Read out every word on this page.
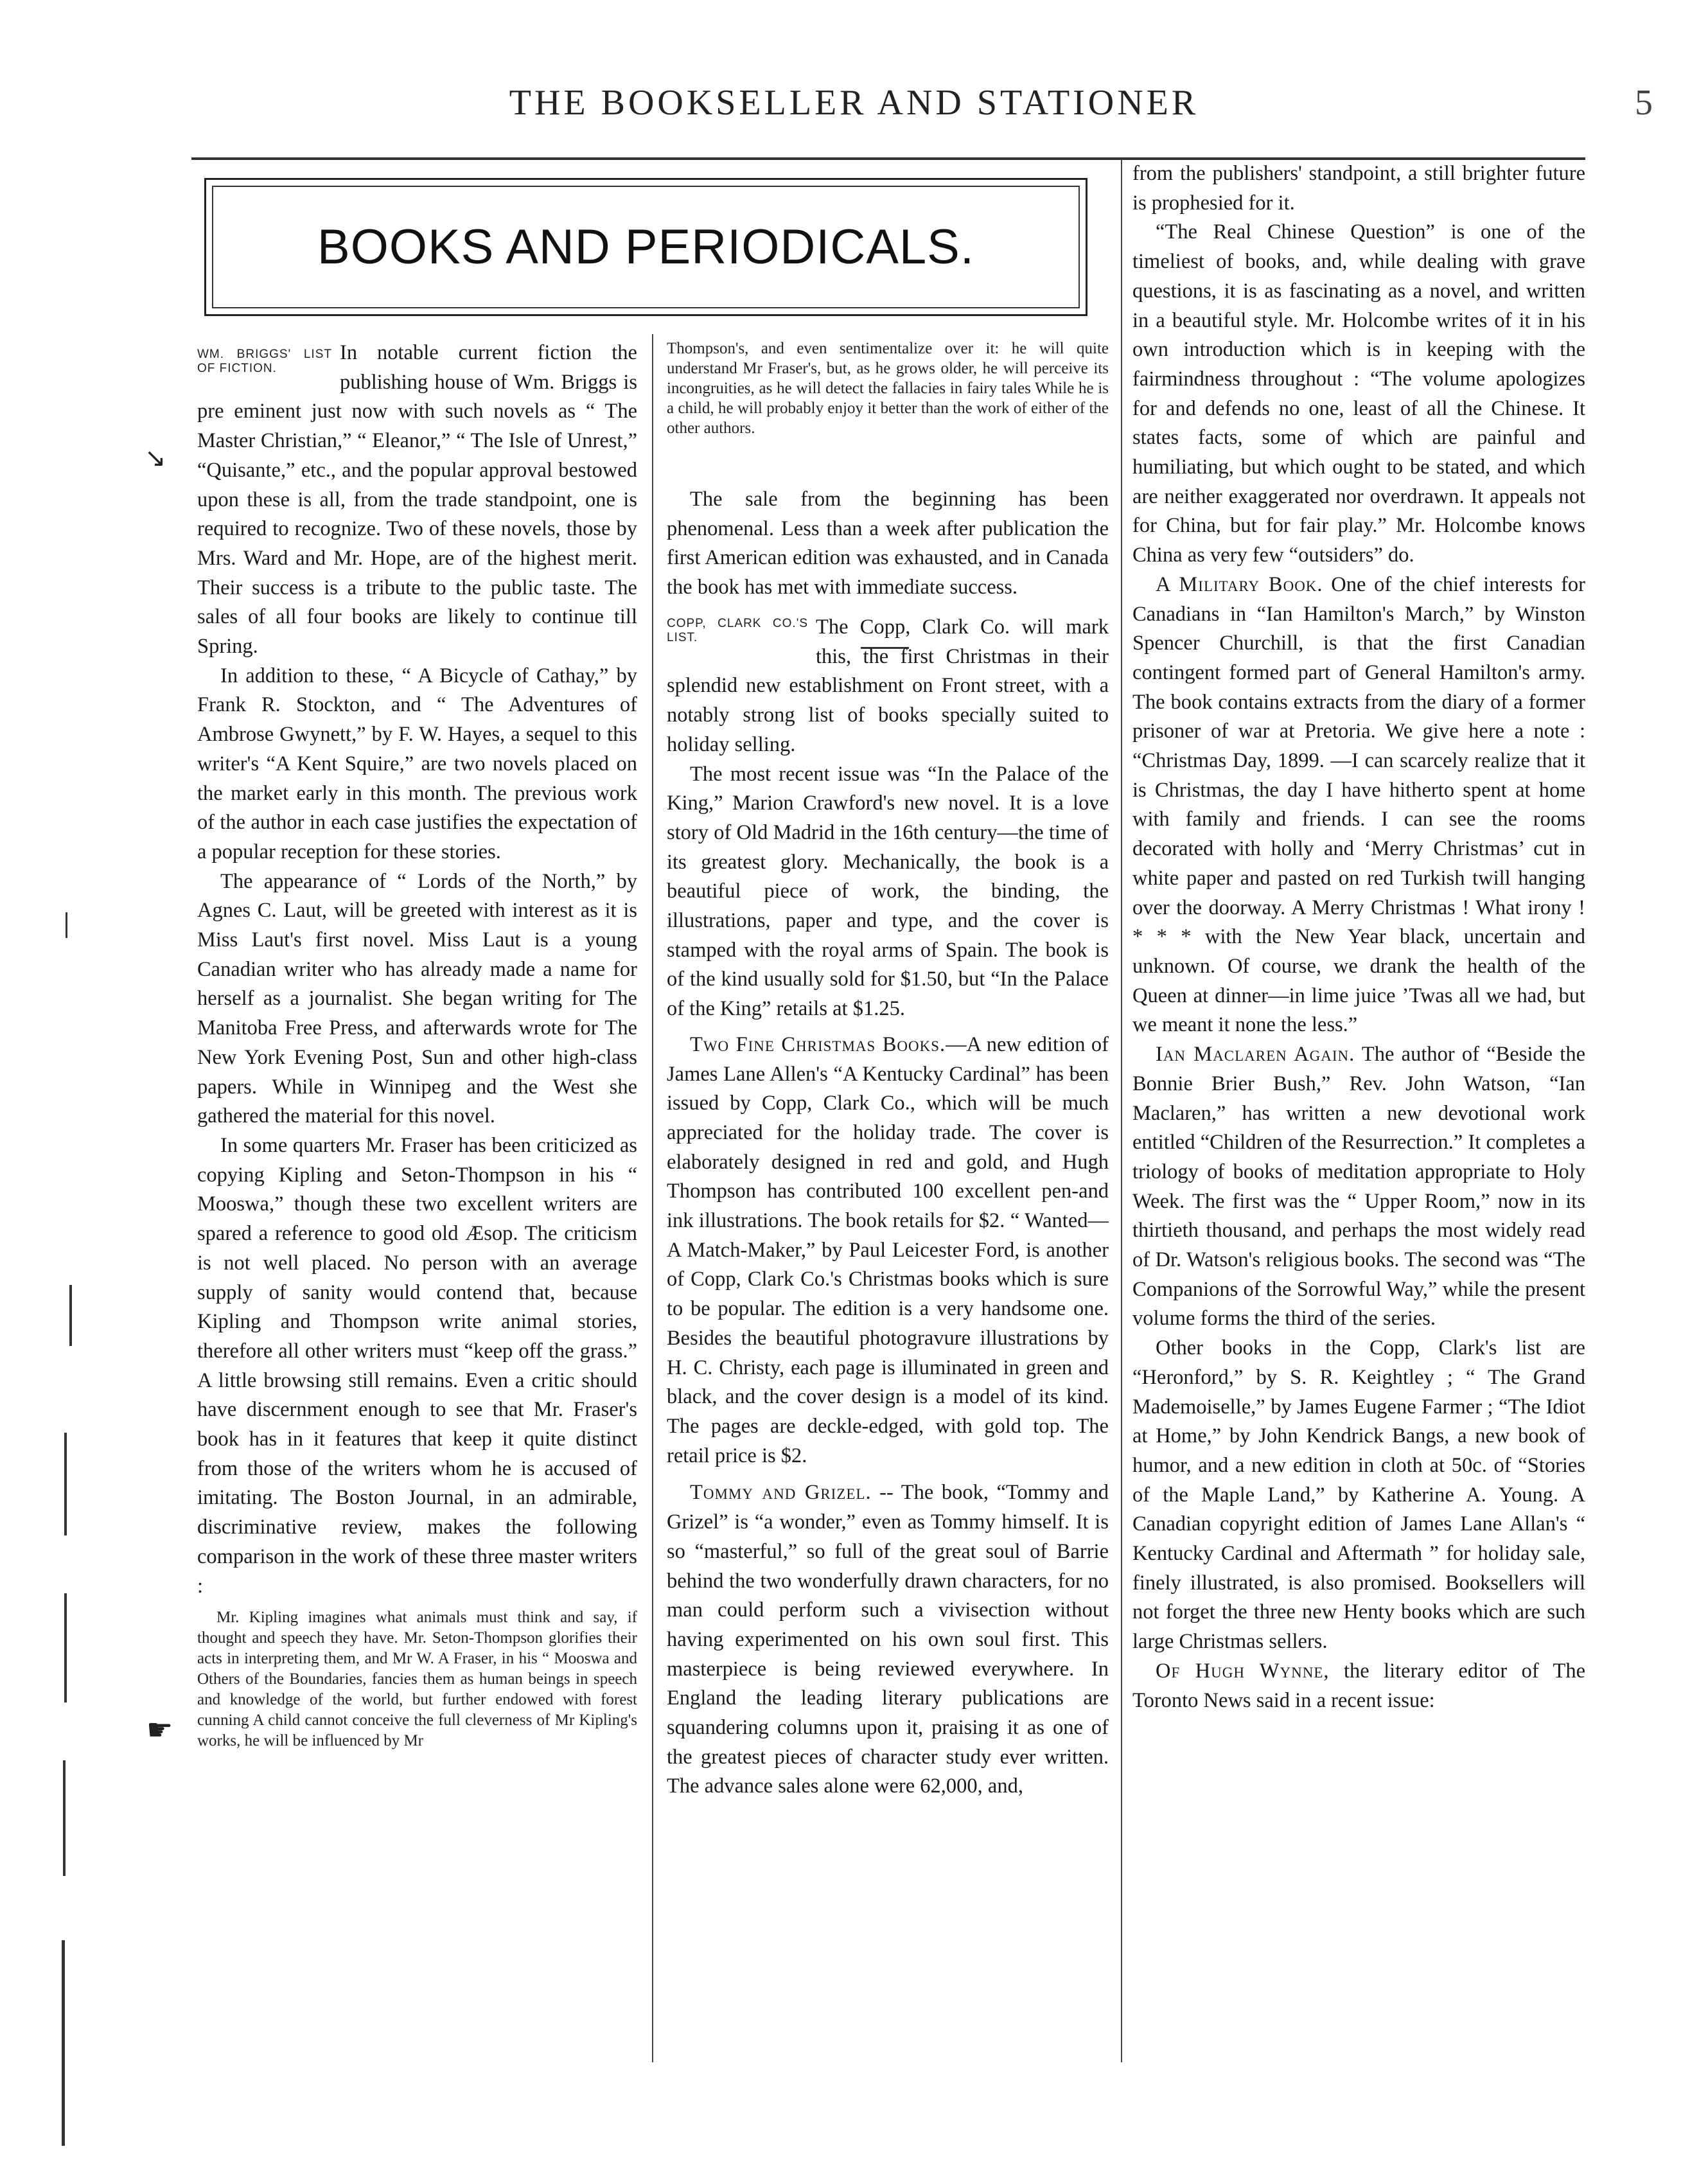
THE BOOKSELLER AND STATIONER	5
BOOKS AND PERIODICALS.
WM. BRIGGS' LIST OF FICTION.

In notable current fiction the publishing house of Wm. Briggs is pre eminent just now with such novels as “ The Master Christian,” “ Eleanor,” “ The Isle of Unrest,” “Quisante,” etc., and the popular approval bestowed upon these is all, from the trade standpoint, one is required to recognize. Two of these novels, those by Mrs. Ward and Mr. Hope, are of the highest merit. Their success is a tribute to the public taste. The sales of all four books are likely to continue till Spring.

In addition to these, “ A Bicycle of Cathay,” by Frank R. Stockton, and “ The Adventures of Ambrose Gwynett,” by F. W. Hayes, a sequel to this writer's “A Kent Squire,” are two novels placed on the market early in this month. The previous work of the author in each case justifies the expectation of a popular reception for these stories.

The appearance of “ Lords of the North,” by Agnes C. Laut, will be greeted with interest as it is Miss Laut's first novel. Miss Laut is a young Canadian writer who has already made a name for herself as a journalist. She began writing for The Manitoba Free Press, and afterwards wrote for The New York Evening Post, Sun and other high-class papers. While in Winnipeg and the West she gathered the material for this novel.

In some quarters Mr. Fraser has been criticized as copying Kipling and Seton-Thompson in his “ Mooswa,” though these two excellent writers are spared a reference to good old Æsop. The criticism is not well placed. No person with an average supply of sanity would contend that, because Kipling and Thompson write animal stories, therefore all other writers must “keep off the grass.” A little browsing still remains. Even a critic should have discernment enough to see that Mr. Fraser's book has in it features that keep it quite distinct from those of the writers whom he is accused of imitating. The Boston Journal, in an admirable, discriminative review, makes the following comparison in the work of these three master writers :

Mr. Kipling imagines what animals must think and say, if thought and speech they have. Mr. Seton-Thompson glorifies their acts in interpreting them, and Mr W. A Fraser, in his “ Mooswa and Others of the Boundaries, fancies them as human beings in speech and knowledge of the world, but further endowed with forest cunning A child cannot conceive the full cleverness of Mr Kipling's works, he will be influenced by Mr

Thompson's, and even sentimentalize over it: he will quite understand Mr Fraser's, but, as he grows older, he will perceive its incongruities, as he will detect the fallacies in fairy tales While he is a child, he will probably enjoy it better than the work of either of the other authors.

The sale from the beginning has been phenomenal. Less than a week after publication the first American edition was exhausted, and in Canada the book has met with immediate success.

COPP, CLARK CO.'S LIST.	The Copp, Clark Co. will mark this, the first Christmas in their splendid new establishment on Front street, with a notably strong list of books specially suited to holiday selling.

The most recent issue was “In the Palace of the King,” Marion Crawford's new novel. It is a love story of Old Madrid in the 16th century—the time of its greatest glory. Mechanically, the book is a beautiful piece of work, the binding, the illustrations, paper and type, and the cover is stamped with the royal arms of Spain. The book is of the kind usually sold for $1.50, but “In the Palace of the King” retails at $1.25.

Two Fine Christmas Books.—A new edition of James Lane Allen's “A Kentucky Cardinal” has been issued by Copp, Clark Co., which will be much appreciated for the holiday trade. The cover is elaborately designed in red and gold, and Hugh Thompson has contributed 100 excellent pen-and ink illustrations. The book retails for $2. “ Wanted—A Match-Maker,” by Paul Leicester Ford, is another of Copp, Clark Co.'s Christmas books which is sure to be popular. The edition is a very handsome one. Besides the beautiful photogravure illustrations by H. C. Christy, each page is illuminated in green and black, and the cover design is a model of its kind. The pages are deckle-edged, with gold top. The retail price is $2.

Tommy and Grizel. -- The book, “Tommy and Grizel” is “a wonder,” even as Tommy himself. It is so “masterful,” so full of the great soul of Barrie behind the two wonderfully drawn characters, for no man could perform such a vivisection without having experimented on his own soul first. This masterpiece is being reviewed everywhere. In England the leading literary publications are squandering columns upon it, praising it as one of the greatest pieces of character study ever written. The advance sales alone were 62,000, and,

from the publishers' standpoint, a still brighter future is prophesied for it.

“The Real Chinese Question” is one of the timeliest of books, and, while dealing with grave questions, it is as fascinating as a novel, and written in a beautiful style. Mr. Holcombe writes of it in his own introduction which is in keeping with the fairmindness throughout : “The volume apologizes for and defends no one, least of all the Chinese. It states facts, some of which are painful and humiliating, but which ought to be stated, and which are neither exaggerated nor overdrawn. It appeals not for China, but for fair play.” Mr. Holcombe knows China as very few “outsiders” do.

A Military Book. One of the chief interests for Canadians in “Ian Hamilton's March,” by Winston Spencer Churchill, is that the first Canadian contingent formed part of General Hamilton's army. The book contains extracts from the diary of a former prisoner of war at Pretoria. We give here a note : “Christmas Day, 1899. —I can scarcely realize that it is Christmas, the day I have hitherto spent at home with family and friends. I can see the rooms decorated with holly and ‘Merry Christmas’ cut in white paper and pasted on red Turkish twill hanging over the doorway. A Merry Christmas ! What irony ! * * * with the New Year black, uncertain and unknown. Of course, we drank the health of the Queen at dinner—in lime juice ’Twas all we had, but we meant it none the less.”

Ian Maclaren Again. The author of “Beside the Bonnie Brier Bush,” Rev. John Watson, “Ian Maclaren,” has written a new devotional work entitled “Children of the Resurrection.” It completes a triology of books of meditation appropriate to Holy Week. The first was the “ Upper Room,” now in its thirtieth thousand, and perhaps the most widely read of Dr. Watson's religious books. The second was “The Companions of the Sorrowful Way,” while the present volume forms the third of the series.

Other books in the Copp, Clark's list are “Heronford,” by S. R. Keightley ; “ The Grand Mademoiselle,” by James Eugene Farmer ; “The Idiot at Home,” by John Kendrick Bangs, a new book of humor, and a new edition in cloth at 50c. of “Stories of the Maple Land,” by Katherine A. Young. A Canadian copyright edition of James Lane Allan's “ Kentucky Cardinal and Aftermath ” for holiday sale, finely illustrated, is also promised. Booksellers will not forget the three new Henty books which are such large Christmas sellers.

Of Hugh Wynne, the literary editor of The Toronto News said in a recent issue:

↘
☛
